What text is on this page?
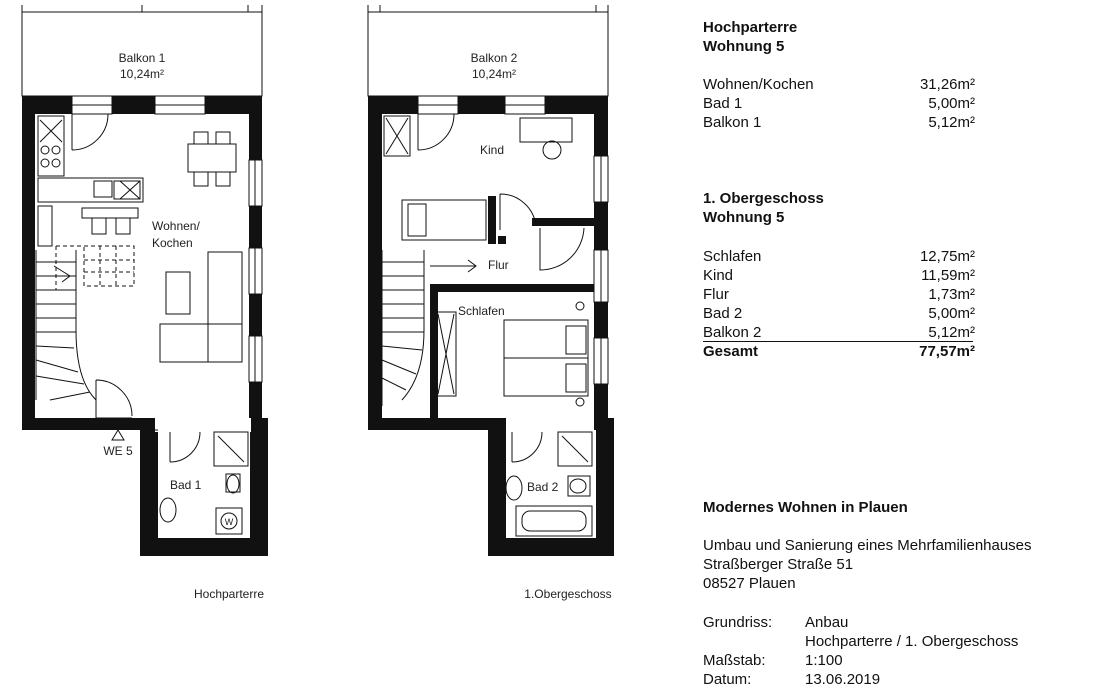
Balkon 1
10,24m²
Wohnen/
Kochen
Bad 1
WE 5
W
Hochparterre
Balkon 2
10,24m²
Kind
Flur
Schlafen
Bad 2
1.Obergeschoss
Hochparterre
Wohnung 5
Wohnen/Kochen	31,26m²
Bad 1	5,00m²
Balkon 1	5,12m²
1. Obergeschoss
Wohnung 5
Schlafen	12,75m²
Kind	11,59m²
Flur	1,73m²
Bad 2	5,00m²
Balkon 2	5,12m²
Gesamt	77,57m²
Modernes Wohnen in Plauen
Umbau und Sanierung eines Mehrfamilienhauses
Straßberger Straße 51
08527 Plauen
Grundriss: Anbau
Hochparterre / 1. Obergeschoss
Maßstab:	1:100
Datum:	13.06.2019
